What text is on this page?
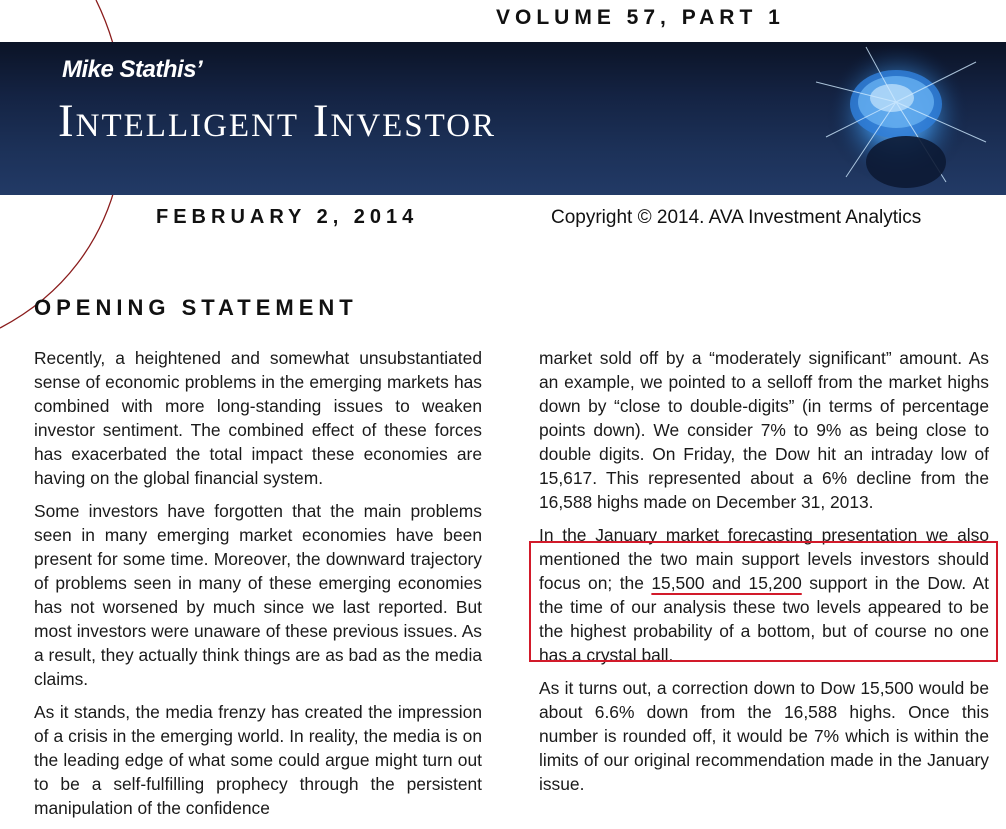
VOLUME 57, PART 1
Mike Stathis’
Intelligent Investor
FEBRUARY 2, 2014	Copyright © 2014. AVA Investment Analytics
OPENING STATEMENT

Recently, a heightened and somewhat unsubstantiated sense of economic problems in the emerging markets has combined with more long-standing issues to weaken investor sentiment. The combined effect of these forces has exacerbated the total impact these economies are having on the global financial system.

Some investors have forgotten that the main problems seen in many emerging market economies have been present for some time. Moreover, the downward trajectory of problems seen in many of these emerging economies has not worsened by much since we last reported. But most investors were unaware of these previous issues. As a result, they actually think things are as bad as the media claims.

As it stands, the media frenzy has created the impression of a crisis in the emerging world. In reality, the media is on the leading edge of what some could argue might turn out to be a self-fulfilling prophecy through the persistent manipulation of the confidence

market sold off by a “moderately significant” amount. As an example, we pointed to a selloff from the market highs down by “close to double-digits” (in terms of percentage points down). We consider 7% to 9% as being close to double digits. On Friday, the Dow hit an intraday low of 15,617. This represented about a 6% decline from the 16,588 highs made on December 31, 2013.

In the January market forecasting presentation we also mentioned the two main support levels investors should focus on; the 15,500 and 15,200 support in the Dow. At the time of our analysis these two levels appeared to be the highest probability of a bottom, but of course no one has a crystal ball.

As it turns out, a correction down to Dow 15,500 would be about 6.6% down from the 16,588 highs. Once this number is rounded off, it would be 7% which is within the limits of our original recommendation made in the January issue.
